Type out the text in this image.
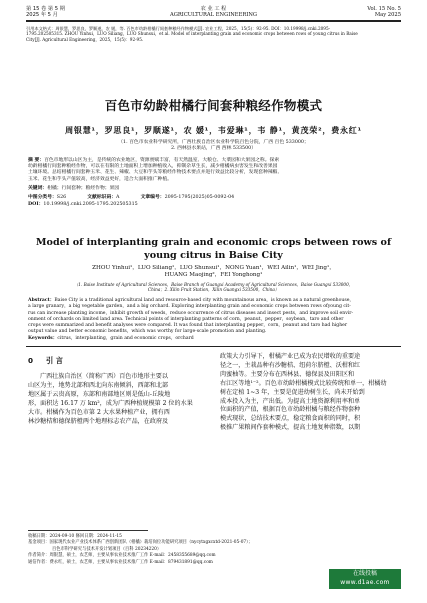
第 15 卷 第 5 期
2025 年 5 月
农 业 工 程
AGRICULTURAL ENGINEERING
Vol. 15 No. 5
May 2025
引用本文格式：周银慧，罗思良，罗顺遂，农 媛，等. 百色市幼龄柑橘行间套种粮经作物模式[J]. 农业工程，2025，15(5)：92-95. DOI：10.19998/j.cnki.2095-
1795.202505315. ZHOU Yinhui，LUO Siliang，LUO Shunsui，et al. Model of interplanting grain and economic crops between rows of young citrus in Baise
City[J]. Agricultural Engineering，2025，15(5)：92-95.
百色市幼龄柑橘行间套种粮经作物模式
周银慧¹，罗思良¹，罗顺遂¹，农 媛¹，韦爱琳¹，韦 静¹，黄茂荣²，费永红¹
（1. 百色市农业科学研究所，广西壮族自治区农业科学院百色分院，广西 百色 533000；
2. 西林县水果站，广西 西林 533500）
摘 要：百色市地形以山区为主，是传统的农业地区，资源禀赋丰富，有天然温室、大粮仓、大菜园和大果园之称。探索
幼龄柑橘行间套种粮经作物，可以在有限的土地面积上增加种植收入，抑制杂草生长，减少柑橘病虫害发生和改善果园
土壤环境。总结柑橘行间套种玉米、花生、辣椒、大豆和芋头等粮经作物技术要点并进行效益比较分析，发现套种辣椒、
玉米、花生和芋头产值较高，经济效益更好，适合大面积推广种植。
关键词：柑橘；行间套种；粮经作物；果园
中图分类号：S26	文献标识码：A	文章编号：2095-1795(2025)05-0092-04
DOI：10.19998/j.cnki.2095-1795.202505315
Model of interplanting grain and economic crops between rows of
young citrus in Baise City
ZHOU Yinhui¹，LUO Siliang¹，LUO Shunsui¹，NONG Yuan¹，WEI Ailin¹，WEI Jing¹，
HUANG Maojing²，FEI Yonghong¹
（1. Baise Institute of Agricultural Sciences，Baise Branch of Guangxi Academy of Agricultural Sciences，Baise Guangxi 533000，
China；2. Xilin Fruit Station，Xilin Guangxi 533500，China）
Abstract：Baise City is a traditional agricultural land and resource-based city with mountainous area，is known as a natural greenhouse，
a large granary，a big vegetable garden，and a big orchard. Exploring interplanting grain and economic crops between rows ofyoung cit-
rus can increase planting income，inhibit growth of weeds，reduce occurrence of citrus diseases and insect pests，and improve soil envir-
onment of orchards on limited land area. Technical points of interplanting patterns of corn，peanut，pepper，soybean，taro and other
crops were summarized and benefit analyses were compared. It was found that interplanting pepper，corn，peanut and taro had higher
output value and better economic benefits，which was worthy for large-scale promotion and planting.
Keywords：citrus，interplanting，grain and economic crops，orchard
0 引 言
广西壮族自治区（简称广西）百色市地形主要以
山区为主，地势北部和西北向东南倾斜，西部和北部
地区属于云贵高原，东部和南部地区则是低山-丘陵地
形，面积达 16.17 万 km²，成为广西种植规模第 2 位的水果
大市。柑橘作为百色市第 2 大水果种植产业，拥有西
林沙糖桔和德保脐橙两个地理标志农产品，在政府及
政策大力引导下，柑橘产业已成为农民增收的重要途
径之一，主栽品种有沙糖桔、纽荷尔脐橙、沃柑和红
肉蜜柚等。主要分布在西林县、德保县及田阳区和
右江区等地¹⁻²。百色市幼龄柑橘模式比较传统和单一，柑橘幼
树在定植 1~3 年，主要是促进幼树生长，尚未开始到
成本投入为主，产出低。为提高土地资源利用率和单
位面积的产值，根据百色市幼龄柑橘与粮经作物套种
模式现状，总结技术要点，稳定粮食面积的同时，积
极推广果粮间作套种模式，提高土地复种指数，以期
收稿日期：2024-09-10 修回日期：2024-11-15
基金项目：国家现代农业产业技术体系广西创新团队（柑橘）栽培岗位功能研究项目（nycytxgxcxtd-2021-05-07）；
百色市科学研究与技术开发计划项目（百科 20234220）
作者简介：周银慧，硕士，农艺师，主要从事农业技术推广工作 E-mail：2458355689@qq.com
通信作者：费永红，硕士，农艺师，主要从事农业技术推广工作 E-mail：879431891@qq.com
在线投稿
www.d1ae.com
